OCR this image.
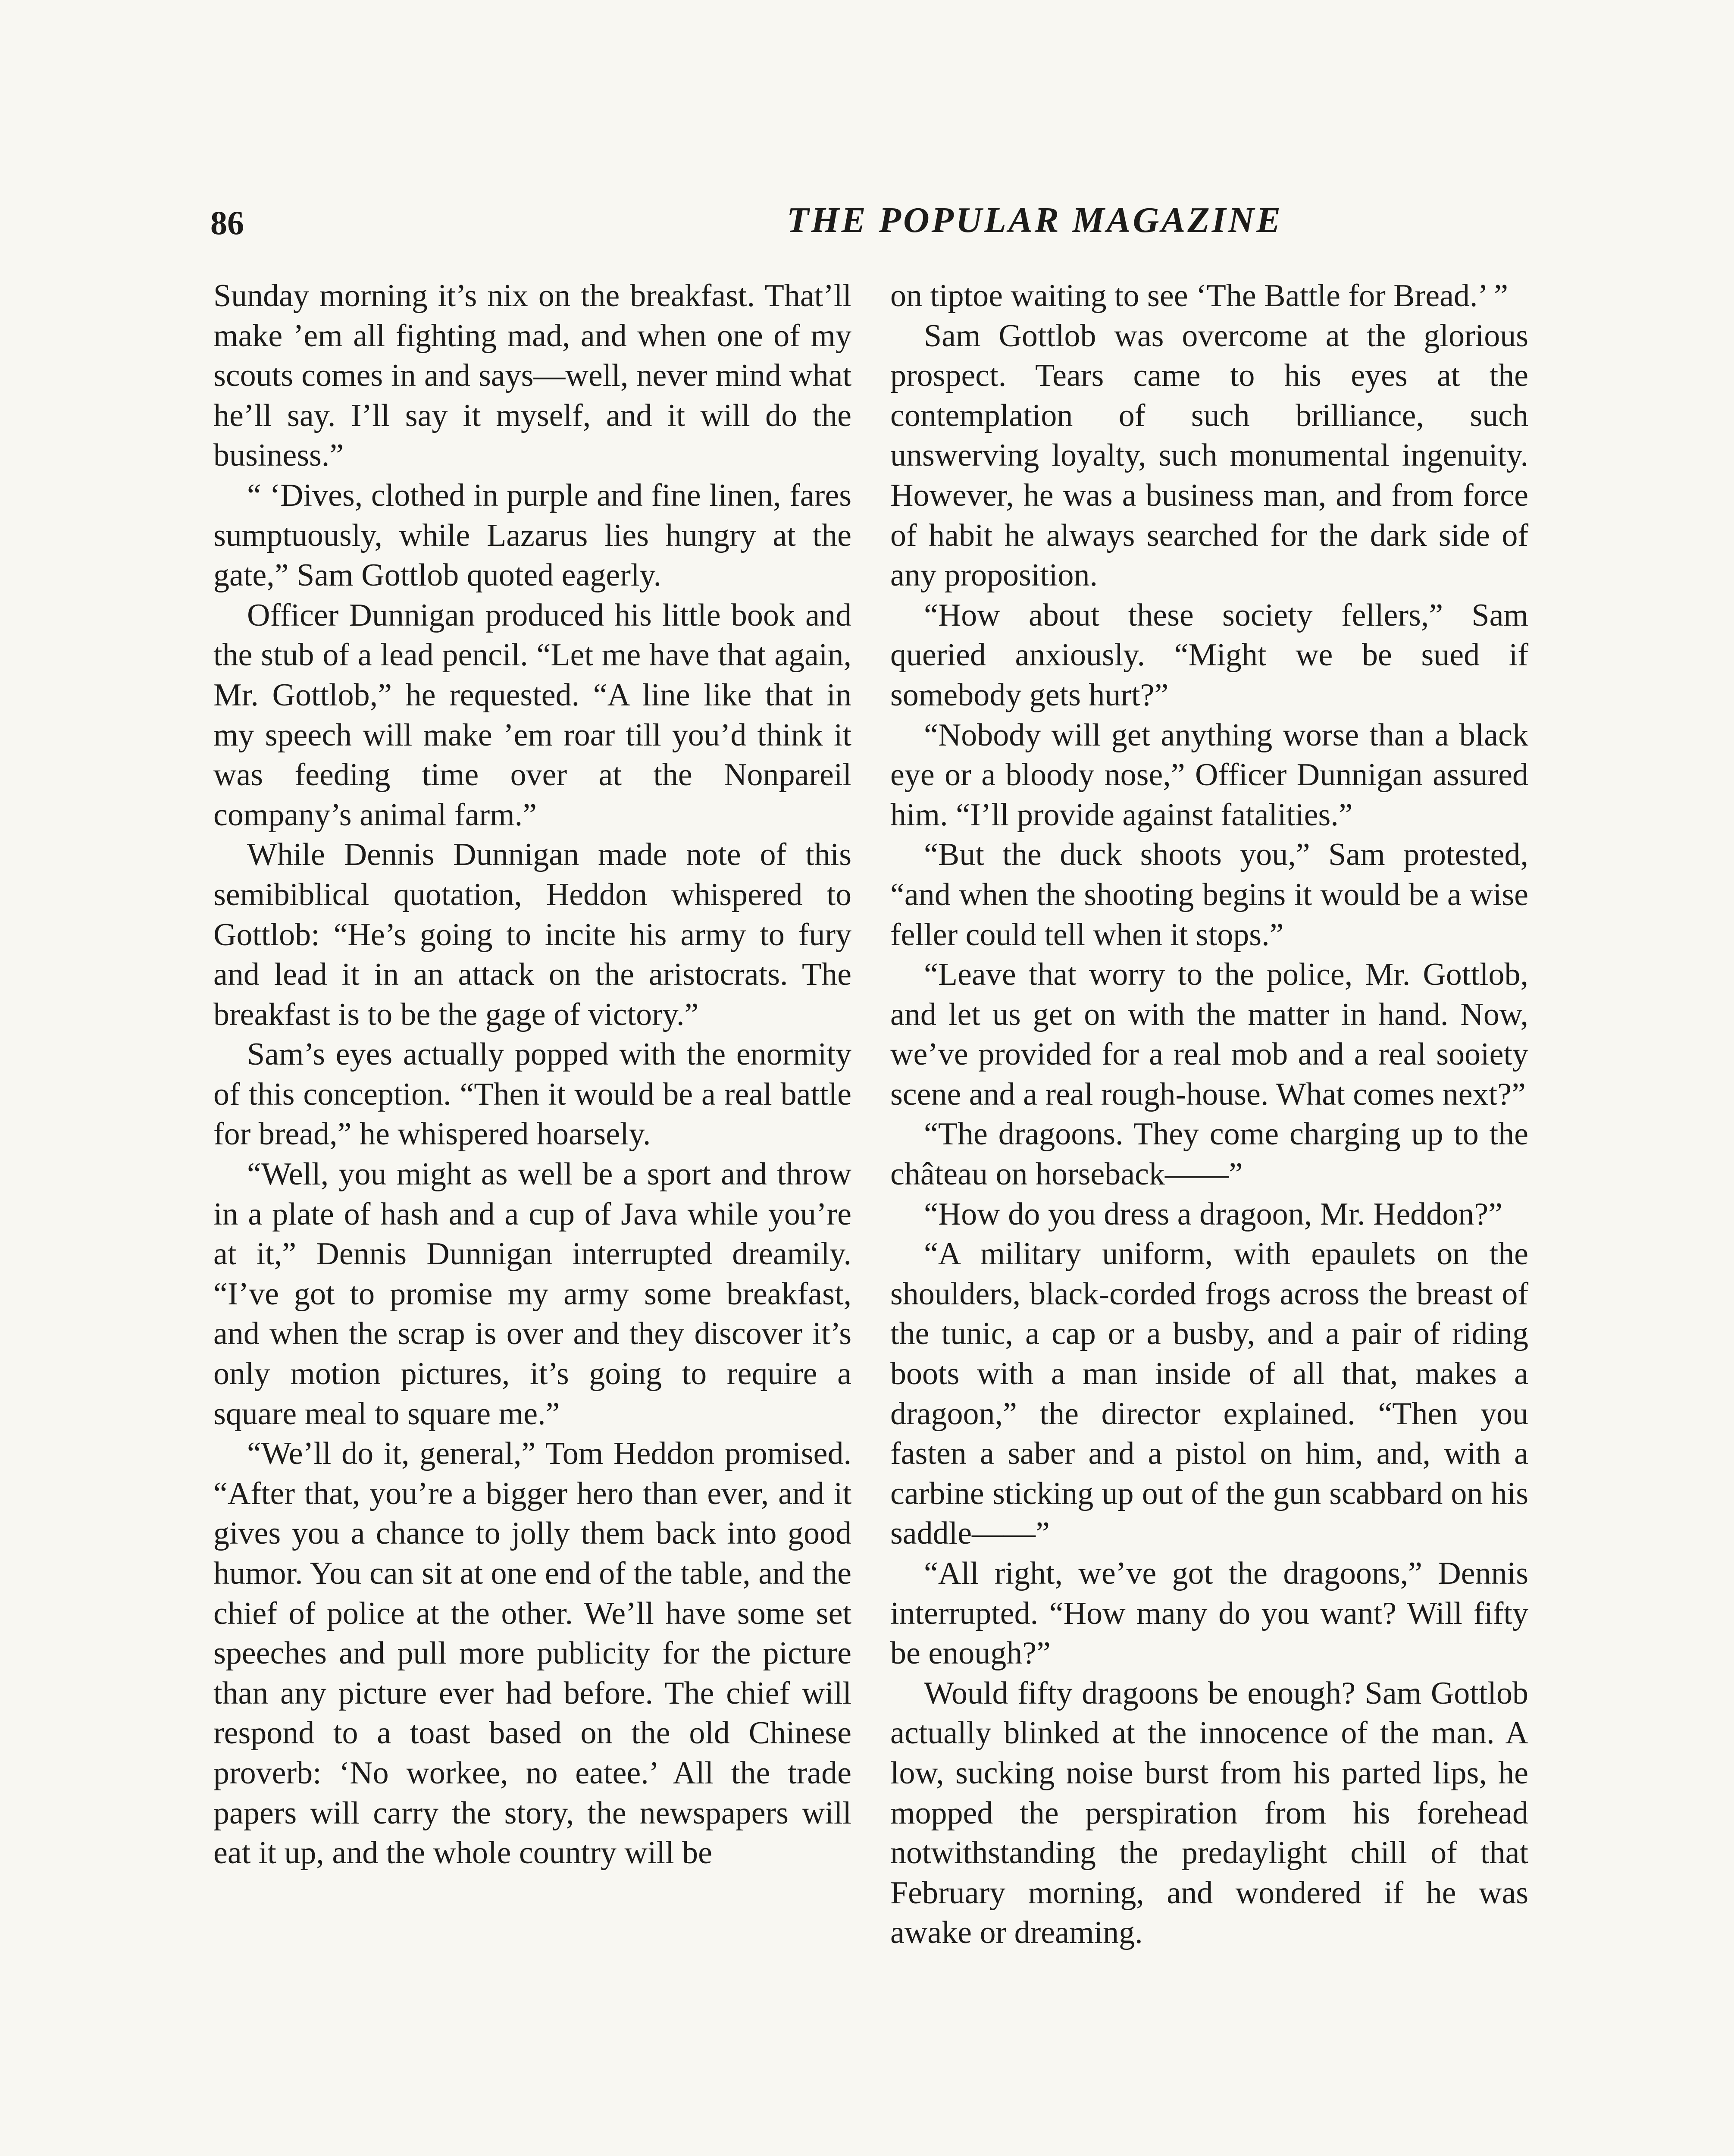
86	THE POPULAR MAGAZINE

Sunday morning it’s nix on the breakfast. That’ll make ’em all fighting mad, and when one of my scouts comes in and says—well, never mind what he’ll say. I’ll say it myself, and it will do the business.”

“ ‘Dives, clothed in purple and fine linen, fares sumptuously, while Lazarus lies hungry at the gate,” Sam Gottlob quoted eagerly.

Officer Dunnigan produced his little book and the stub of a lead pencil. “Let me have that again, Mr. Gottlob,” he requested. “A line like that in my speech will make ’em roar till you’d think it was feeding time over at the Nonpareil company’s animal farm.”

While Dennis Dunnigan made note of this semibiblical quotation, Heddon whispered to Gottlob: “He’s going to incite his army to fury and lead it in an attack on the aristocrats. The breakfast is to be the gage of victory.”

Sam’s eyes actually popped with the enormity of this conception. “Then it would be a real battle for bread,” he whispered hoarsely.

“Well, you might as well be a sport and throw in a plate of hash and a cup of Java while you’re at it,” Dennis Dunnigan interrupted dreamily. “I’ve got to promise my army some breakfast, and when the scrap is over and they discover it’s only motion pictures, it’s going to require a square meal to square me.”

“We’ll do it, general,” Tom Heddon promised. “After that, you’re a bigger hero than ever, and it gives you a chance to jolly them back into good humor. You can sit at one end of the table, and the chief of police at the other. We’ll have some set speeches and pull more publicity for the picture than any picture ever had before. The chief will respond to a toast based on the old Chinese proverb: ‘No workee, no eatee.’ All the trade papers will carry the story, the newspapers will eat it up, and the whole country will be

on tiptoe waiting to see ‘The Battle for Bread.’ ”

Sam Gottlob was overcome at the glorious prospect. Tears came to his eyes at the contemplation of such brilliance, such unswerving loyalty, such monumental ingenuity. However, he was a business man, and from force of habit he always searched for the dark side of any proposition.

“How about these society fellers,” Sam queried anxiously. “Might we be sued if somebody gets hurt?”

“Nobody will get anything worse than a black eye or a bloody nose,” Officer Dunnigan assured him. “I’ll provide against fatalities.”

“But the duck shoots you,” Sam protested, “and when the shooting begins it would be a wise feller could tell when it stops.”

“Leave that worry to the police, Mr. Gottlob, and let us get on with the matter in hand. Now, we’ve provided for a real mob and a real sooiety scene and a real rough-house. What comes next?”

“The dragoons. They come charging up to the château on horseback——”

“How do you dress a dragoon, Mr. Heddon?”

“A military uniform, with epaulets on the shoulders, black-corded frogs across the breast of the tunic, a cap or a busby, and a pair of riding boots with a man inside of all that, makes a dragoon,” the director explained. “Then you fasten a saber and a pistol on him, and, with a carbine sticking up out of the gun scabbard on his saddle——”

“All right, we’ve got the dragoons,” Dennis interrupted. “How many do you want? Will fifty be enough?”

Would fifty dragoons be enough? Sam Gottlob actually blinked at the innocence of the man. A low, sucking noise burst from his parted lips, he mopped the perspiration from his forehead notwithstanding the predaylight chill of that February morning, and wondered if he was awake or dreaming.
